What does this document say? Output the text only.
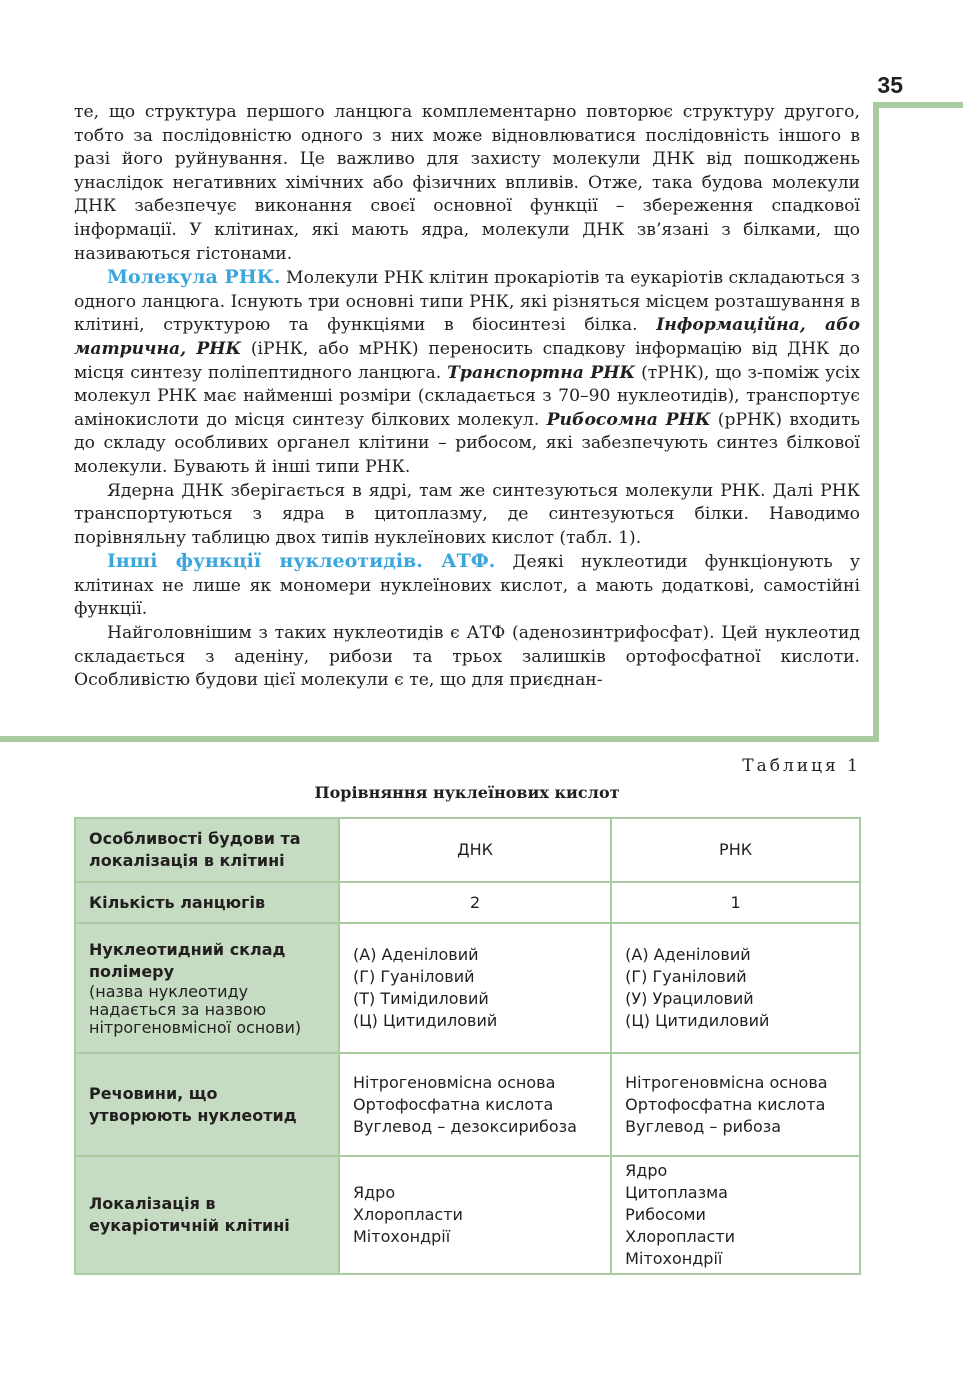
35

те, що структура першого ланцюга комплементарно повторює структуру другого, тобто за послідовністю одного з них може відновлюватися послідовність іншого в разі його руйнування. Це важливо для захисту молекули ДНК від пошкоджень унаслідок негативних хімічних або фізичних впливів. Отже, така будова молекули ДНК забезпечує виконання своєї основної функції – збереження спадкової інформації. У клітинах, які мають ядра, молекули ДНК зв’язані з білками, що називаються гістонами.

Молекула РНК. Молекули РНК клітин прокаріотів та еукаріотів складаються з одного ланцюга. Існують три основні типи РНК, які різняться місцем розташування в клітині, структурою та функціями в біосинтезі білка. Інформаційна, або матрична, РНК (іРНК, або мРНК) переносить спадкову інформацію від ДНК до місця синтезу поліпептидного ланцюга. Транспортна РНК (тРНК), що з-поміж усіх молекул РНК має найменші розміри (складається з 70–90 нуклеотидів), транспортує амінокислоти до місця синтезу білкових молекул. Рибосомна РНК (рРНК) входить до складу особливих органел клітини – рибосом, які забезпечують синтез білкової молекули. Бувають й інші типи РНК.

Ядерна ДНК зберігається в ядрі, там же синтезуються молекули РНК. Далі РНК транспортуються з ядра в цитоплазму, де синтезуються білки. Наводимо порівняльну таблицю двох типів нуклеїнових кислот (табл. 1).

Інші функції нуклеотидів. АТФ. Деякі нуклеотиди функціонують у клітинах не лише як мономери нуклеїнових кислот, а мають додаткові, самостійні функції.

Найголовнішим з таких нуклеотидів є АТФ (аденозинтрифосфат). Цей нуклеотид складається з аденіну, рибози та трьох залишків ортофосфатної кислоти. Особливістю будови цієї молекули є те, що для приєднан-

Таблиця 1
Порівняння нуклеїнових кислот
Особливості будови та локалізація в клітині	ДНК	РНК
Кількість ланцюгів	2	1
Нуклеотидний склад полімеру
(назва нуклеотиду надається за назвою нітрогеновмісної основи)	(А) Аденіловий
(Г) Гуаніловий
(Т) Тимідиловий
(Ц) Цитидиловий	(А) Аденіловий
(Г) Гуаніловий
(У) Урациловий
(Ц) Цитидиловий

Речовини, що утворюють нуклеотид	Нітрогеновмісна основа
Ортофосфатна кислота
Вуглевод – дезоксирибоза	Нітрогеновмісна основа
Ортофосфатна кислота
Вуглевод – рибоза

Локалізація в еукаріотичній клітині	Ядро
Хлоропласти
Мітохондрії	Ядро
Цитоплазма
Рибосоми
Хлоропласти
Мітохондрії
